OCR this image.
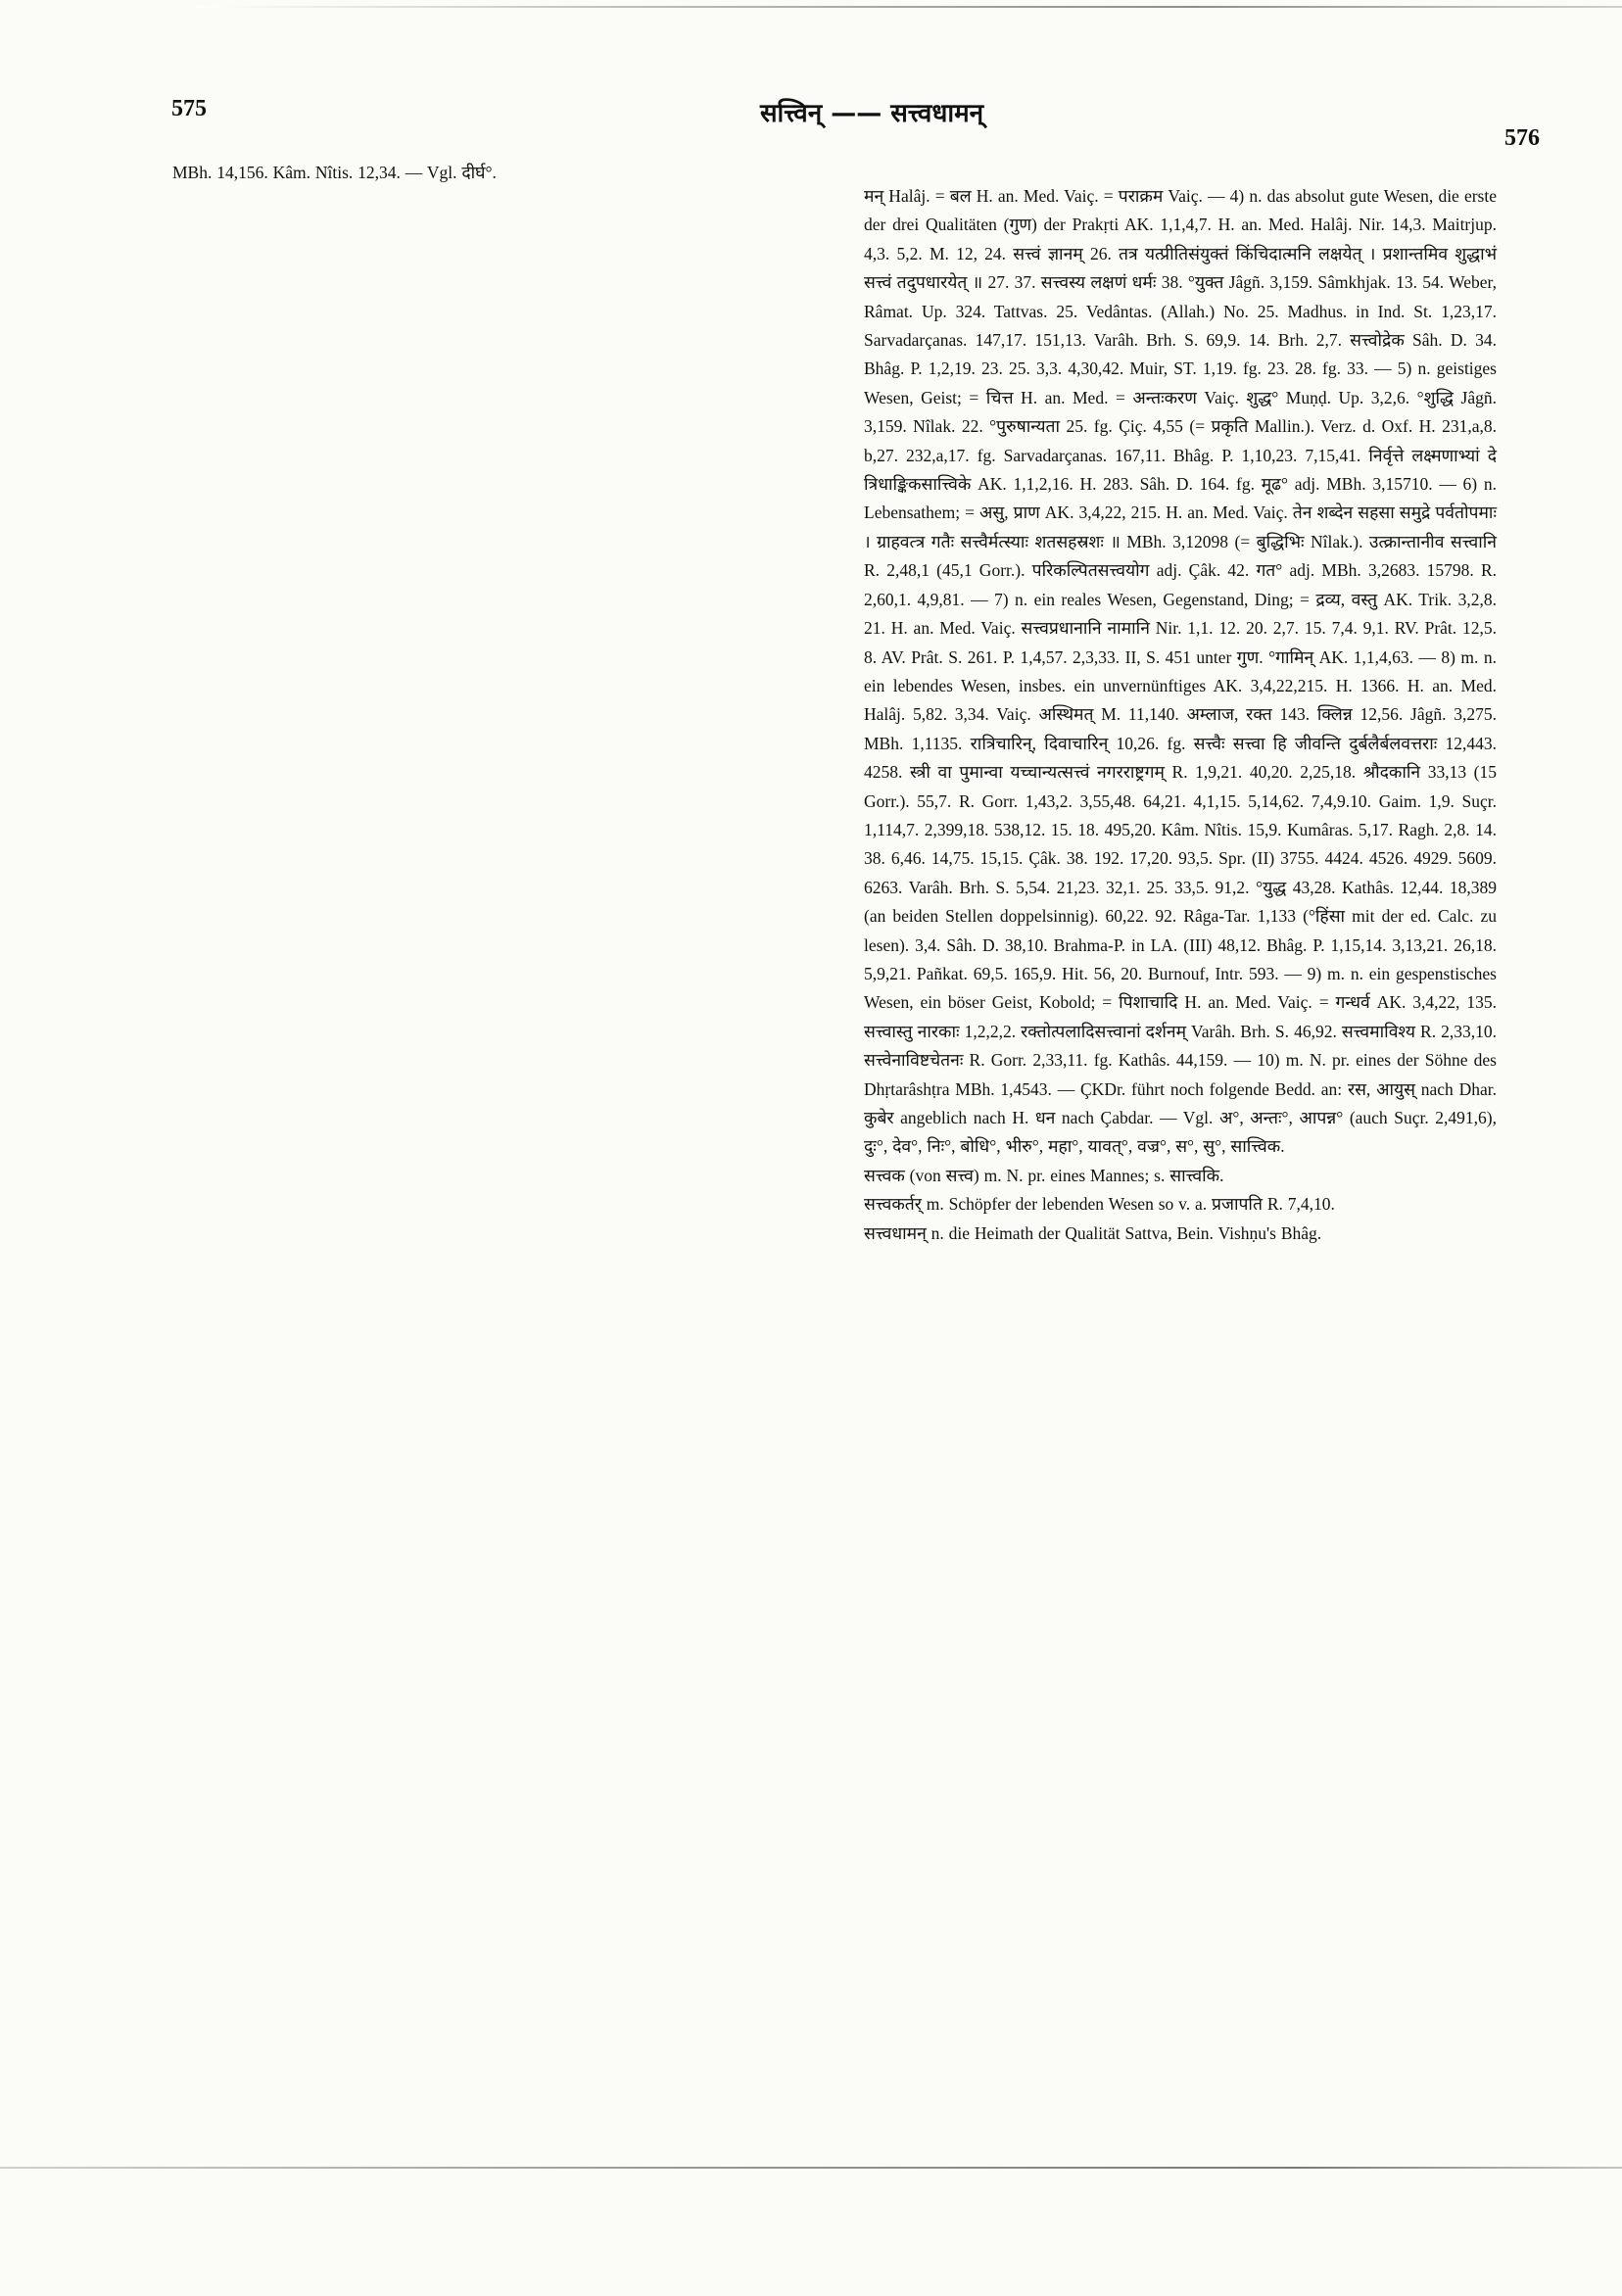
575	सत्त्विन् —— सत्त्वधामन्
576

MBh. 14,156. Kâm. Nîtis. 12,34. — Vgl. दीर्घ°.

मन् Halâj. = बल H. an. Med. Vaiç. = पराक्रम Vaiç. — 4) n. das absolut gute Wesen, die erste der drei Qualitäten (गुण) der Prakṛti AK. 1,1,4,7. H. an. Med. Halâj. Nir. 14,3. Maitrjup. 4,3. 5,2. M. 12, 24. सत्त्वं ज्ञानम् 26. तत्र यत्प्रीतिसंयुक्तं किंचिदात्मनि लक्षयेत् । प्रशान्तमिव शुद्धाभं सत्त्वं तदुपधारयेत् ॥ 27. 37. सत्त्वस्य लक्षणं धर्मः 38. °युक्त Jâgñ. 3,159. Sâmkhjak. 13. 54. Weber, Râmat. Up. 324. Tattvas. 25. Vedântas. (Allah.) No. 25. Madhus. in Ind. St. 1,23,17. Sarvadarçanas. 147,17. 151,13. Varâh. Brh. S. 69,9. 14. Brh. 2,7. सत्त्वोद्रेक Sâh. D. 34. Bhâg. P. 1,2,19. 23. 25. 3,3. 4,30,42. Muir, ST. 1,19. fg. 23. 28. fg. 33. — 5) n. geistiges Wesen, Geist; = चित्त H. an. Med. = अन्तःकरण Vaiç. शुद्ध° Muṇḍ. Up. 3,2,6. °शुद्धि Jâgñ. 3,159. Nîlak. 22. °पुरुषान्यता 25. fg. Çiç. 4,55 (= प्रकृति Mallin.). Verz. d. Oxf. H. 231,a,8. b,27. 232,a,17. fg. Sarvadarçanas. 167,11. Bhâg. P. 1,10,23. 7,15,41. निर्वृत्ते लक्ष्मणाभ्यां दे त्रिधाङ्किकसात्त्विके AK. 1,1,2,16. H. 283. Sâh. D. 164. fg. मूढ° adj. MBh. 3,15710. — 6) n. Lebensathem; = असु, प्राण AK. 3,4,22, 215. H. an. Med. Vaiç. तेन शब्देन सहसा समुद्रे पर्वतोपमाः । ग्राहवत्त्र गतैः सत्त्वैर्मत्स्याः शतसहस्रशः ॥ MBh. 3,12098 (= बुद्धिभिः Nîlak.). उत्क्रान्तानीव सत्त्वानि R. 2,48,1 (45,1 Gorr.). परिकल्पितसत्त्वयोग adj. Çâk. 42. गत° adj. MBh. 3,2683. 15798. R. 2,60,1. 4,9,81. — 7) n. ein reales Wesen, Gegenstand, Ding; = द्रव्य, वस्तु AK. Trik. 3,2,8. 21. H. an. Med. Vaiç. सत्त्वप्रधानानि नामानि Nir. 1,1. 12. 20. 2,7. 15. 7,4. 9,1. RV. Prât. 12,5. 8. AV. Prât. S. 261. P. 1,4,57. 2,3,33. II, S. 451 unter गुण. °गामिन् AK. 1,1,4,63. — 8) m. n. ein lebendes Wesen, insbes. ein unvernünftiges AK. 3,4,22,215. H. 1366. H. an. Med. Halâj. 5,82. 3,34. Vaiç. अस्थिमत् M. 11,140. अम्लाज, रक्त 143. क्लिन्न 12,56. Jâgñ. 3,275. MBh. 1,1135. रात्रिचारिन्, दिवाचारिन् 10,26. fg. सत्त्वैः सत्त्वा हि जीवन्ति दुर्बलैर्बलवत्तराः 12,443. 4258. स्त्री वा पुमान्वा यच्चान्यत्सत्त्वं नगरराष्ट्रगम् R. 1,9,21. 40,20. 2,25,18. श्रौदकानि 33,13 (15 Gorr.). 55,7. R. Gorr. 1,43,2. 3,55,48. 64,21. 4,1,15. 5,14,62. 7,4,9.10. Gaim. 1,9. Suçr. 1,114,7. 2,399,18. 538,12. 15. 18. 495,20. Kâm. Nîtis. 15,9. Kumâras. 5,17. Ragh. 2,8. 14. 38. 6,46. 14,75. 15,15. Çâk. 38. 192. 17,20. 93,5. Spr. (II) 3755. 4424. 4526. 4929. 5609. 6263. Varâh. Brh. S. 5,54. 21,23. 32,1. 25. 33,5. 91,2. °युद्ध 43,28. Kathâs. 12,44. 18,389 (an beiden Stellen doppelsinnig). 60,22. 92. Râga-Tar. 1,133 (°हिंसा mit der ed. Calc. zu lesen). 3,4. Sâh. D. 38,10. Brahma-P. in LA. (III) 48,12. Bhâg. P. 1,15,14. 3,13,21. 26,18. 5,9,21. Pañkat. 69,5. 165,9. Hit. 56, 20. Burnouf, Intr. 593. — 9) m. n. ein gespenstisches Wesen, ein böser Geist, Kobold; = पिशाचादि H. an. Med. Vaiç. = गन्धर्व AK. 3,4,22, 135. सत्त्वास्तु नारकाः 1,2,2,2. रक्तोत्पलादिसत्त्वानां दर्शनम् Varâh. Brh. S. 46,92. सत्त्वमाविश्य R. 2,33,10. सत्त्वेनाविष्टचेतनः R. Gorr. 2,33,11. fg. Kathâs. 44,159. — 10) m. N. pr. eines der Söhne des Dhṛtarâshṭra MBh. 1,4543. — ÇKDr. führt noch folgende Bedd. an: रस, आयुस् nach Dhar. कुबेर angeblich nach H. धन nach Çabdar. — Vgl. अ°, अन्तः°, आपन्न° (auch Suçr. 2,491,6), दुः°, देव°, निः°, बोधि°, भीरु°, महा°, यावत्°, वज्र°, स°, सु°, सात्त्विक.

सत्त्वक (von सत्त्व) m. N. pr. eines Mannes; s. सात्त्वकि.

सत्त्वकर्तर् m. Schöpfer der lebenden Wesen so v. a. प्रजापति R. 7,4,10.

सत्त्वधामन् n. die Heimath der Qualität Sattva, Bein. Vishṇu's Bhâg.
